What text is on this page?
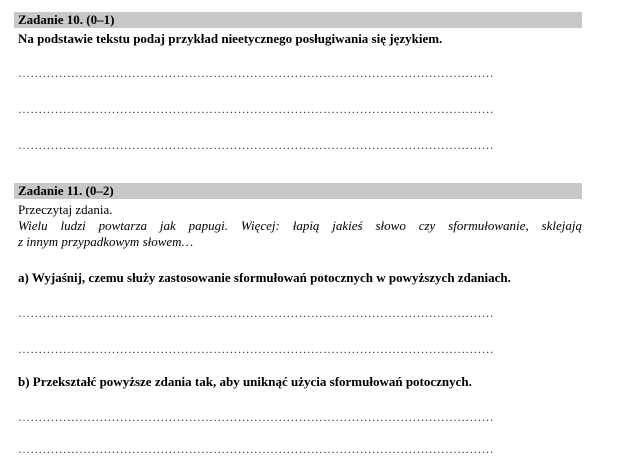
Zadanie 10. (0–1)
Na podstawie tekstu podaj przykład nieetycznego posługiwania się językiem.
………………………………………………………………………………………………………
………………………………………………………………………………………………………
………………………………………………………………………………………………………
Zadanie 11. (0–2)
Przeczytaj zdania.
Wielu ludzi powtarza jak papugi. Więcej: łapią jakieś słowo czy sformułowanie, sklejają
z innym przypadkowym słowem…
a) Wyjaśnij, czemu służy zastosowanie sformułowań potocznych w powyższych zdaniach.
………………………………………………………………………………………………………
………………………………………………………………………………………………………
b) Przekształć powyższe zdania tak, aby uniknąć użycia sformułowań potocznych.
………………………………………………………………………………………………………
………………………………………………………………………………………………………
